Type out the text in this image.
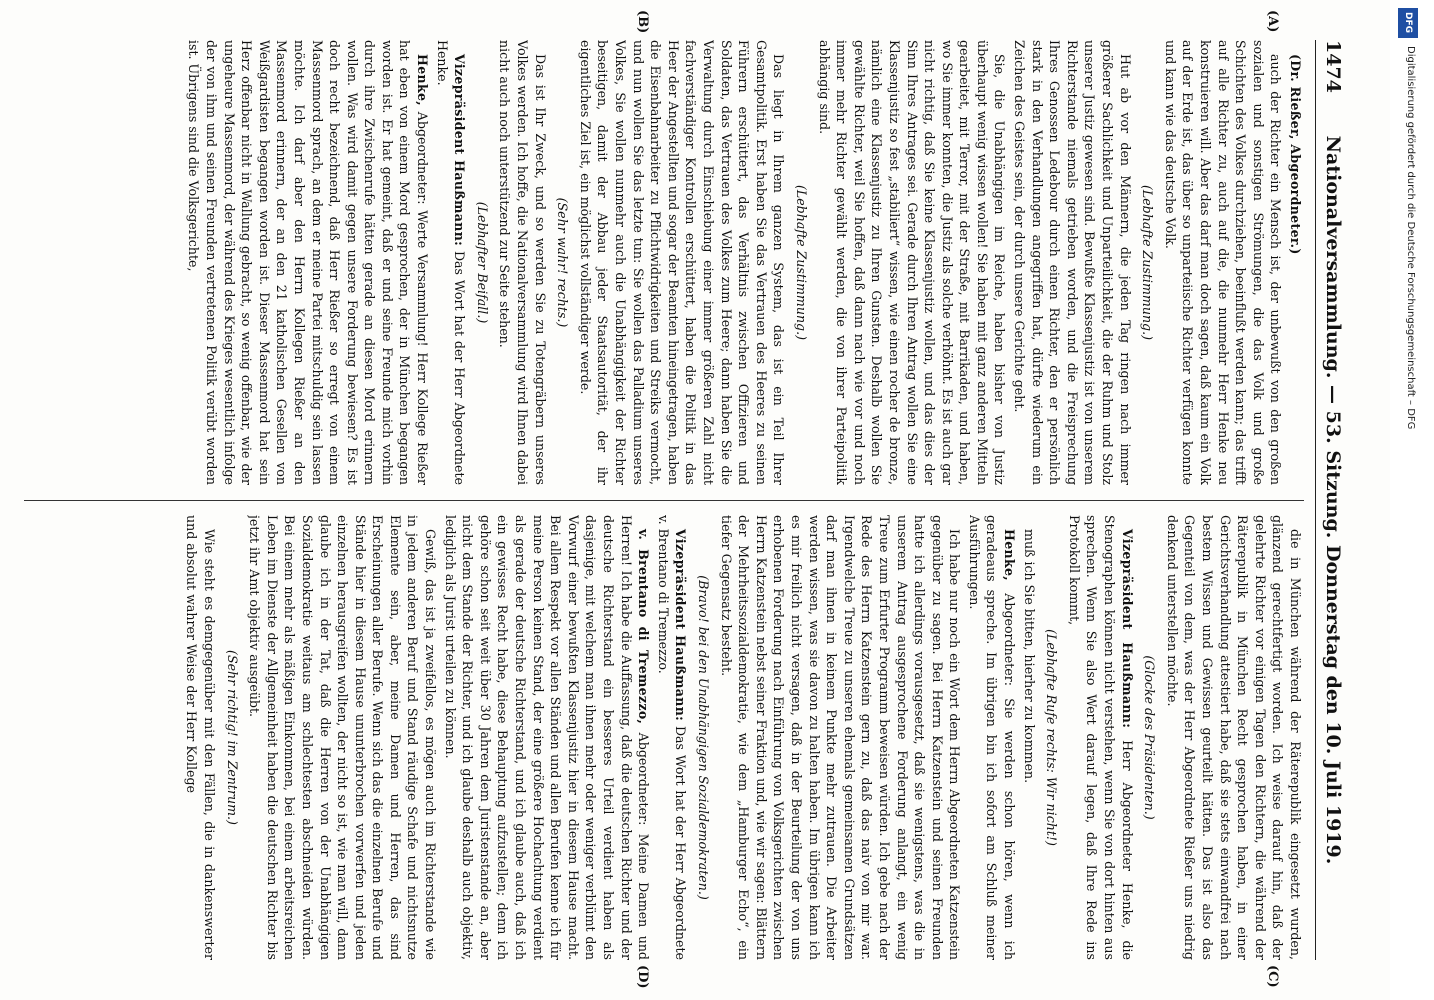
1474
Nationalversammlung. — 53. Sitzung. Donnerstag den 10. Juli 1919.
(A)
(B)
(C)
(D)

(Dr. Rießer, Abgeordneter.)

auch der Richter ein Mensch ist, der unbewußt von den großen sozialen und sonstigen Strömungen, die das Volk und große Schichten des Volkes durchziehen, beeinflußt werden kann; das trifft auf alle Richter zu, auch auf die, die nunmehr Herr Henke neu konstruieren will. Aber das darf man doch sagen, daß kaum ein Volk auf der Erde ist, das über so unparteiische Richter verfügen konnte und kann wie das deutsche Volk.

(Lebhafte Zustimmung.)

Hut ab vor den Männern, die jeden Tag ringen nach immer größerer Sachlichkeit und Unparteilichkeit, die der Ruhm und Stolz unserer Justiz gewesen sind. Bewußte Klassenjustiz ist von unserem Richterstande niemals getrieben worden, und die Freisprechung Ihres Genossen Ledebour durch einen Richter, den er persönlich stark in den Verhandlungen angegriffen hat, dürfte wiederum ein Zeichen des Geistes sein, der durch unsere Gerichte geht.

Sie, die Unabhängigen im Reiche, haben bisher von Justiz überhaupt wenig wissen wollen! Sie haben mit ganz anderen Mitteln gearbeitet, mit Terror, mit der Straße, mit Barrikaden, und haben, wo Sie immer konnten, die Justiz als solche verhöhnt. Es ist auch gar nicht richtig, daß Sie keine Klassenjustiz wollen, und das dies der Sinn Ihres Antrages sei. Gerade durch Ihren Antrag wollen Sie eine Klassenjustiz so fest „stabiliert“ wissen, wie einen rocher de bronze, nämlich eine Klassenjustiz zu Ihren Gunsten. Deshalb wollen Sie gewählte Richter, weil Sie hoffen, daß dann nach wie vor und noch immer mehr Richter gewählt werden, die von ihrer Parteipolitik abhängig sind.

(Lebhafte Zustimmung.)

Das liegt in Ihrem ganzen System, das ist ein Teil Ihrer Gesamtpolitik. Erst haben Sie das Vertrauen des Heeres zu seinen Führern erschüttert, das Verhältnis zwischen Offizieren und Soldaten, das Vertrauen des Volkes zum Heere; dann haben Sie die Verwaltung durch Einschiebung einer immer größeren Zahl nicht fachverständiger Kontrollen erschüttert, haben die Politik in das Heer der Angestellten und sogar der Beamten hineingetragen, haben die Eisenbahnarbeiter zu Pflichtwidrigkeiten und Streiks vermocht, und nun wollen Sie das letzte tun: Sie wollen das Palladium unseres Volkes, Sie wollen nunmehr auch die Unabhängigkeit der Richter beseitigen, damit der Abbau jeder Staatsautorität, der ihr eigentliches Ziel ist, ein möglichst vollständiger werde.

(Sehr wahr! rechts.)

Das ist Ihr Zweck, und so werden Sie zu Totengräbern unseres Volkes werden. Ich hoffe, die Nationalversammlung wird Ihnen dabei nicht auch noch unterstützend zur Seite stehen.

(Lebhafter Beifall.)

Vizepräsident Haußmann: Das Wort hat der Herr Abgeordnete Henke.

Henke, Abgeordneter: Werte Versammlung! Herr Kollege Rießer hat eben von einem Mord gesprochen, der in München begangen worden ist. Er hat gemeint, daß er und seine Freunde mich vorhin durch ihre Zwischenrufe hätten gerade an diesen Mord erinnern wollen. Was wird damit gegen unsere Forderung bewiesen? Es ist doch recht bezeichnend, daß Herr Rießer so erregt von einem Massenmord sprach, an dem er meine Partei mitschuldig sein lassen möchte. Ich darf aber den Herrn Kollegen Rießer an den Massenmord erinnern, der an den 21 katholischen Gesellen von Weißgardisten begangen worden ist. Dieser Massenmord hat sein Herz offenbar nicht in Wallung gebracht, so wenig offenbar, wie der ungeheure Massenmord, der während des Krieges wesentlich infolge der von ihm und seinen Freunden vertretenen Politik verübt worden ist. Übrigens sind die Volksgerichte,

die in München während der Räterepublik eingesetzt wurden, glänzend gerechtfertigt worden. Ich weise darauf hin, daß der gelehrte Richter vor einigen Tagen den Richtern, die während der Räterepublik in München Recht gesprochen haben, in einer Gerichtsverhandlung attestiert habe, daß sie stets einwandfrei nach bestem Wissen und Gewissen geurteilt hätten. Das ist also das Gegenteil von dem, was der Herr Abgeordnete Rießer uns niedrig denkend unterstellen möchte.

(Glocke des Präsidenten.)

Vizepräsident Haußmann: Herr Abgeordneter Henke, die Stenographen können nicht verstehen, wenn Sie von dort hinten aus sprechen. Wenn Sie also Wert darauf legen, daß Ihre Rede ins Protokoll kommt,

(Lebhafte Rufe rechts: Wir nicht!)

muß ich Sie bitten, hierher zu kommen.

Henke, Abgeordneter: Sie werden schon hören, wenn ich geradeaus spreche. Im übrigen bin ich sofort am Schluß meiner Ausführungen.

Ich habe nur noch ein Wort dem Herrn Abgeordneten Katzenstein gegenüber zu sagen. Bei Herrn Katzenstein und seinen Freunden hatte ich allerdings vorausgesetzt, daß sie wenigstens, was die in unserem Antrag ausgesprochene Forderung anlangt, ein wenig Treue zum Erfurter Programm beweisen würden. Ich gebe nach der Rede des Herrn Katzenstein gern zu, daß das naiv von mir war. Irgendwelche Treue zu unseren ehemals gemeinsamen Grundsätzen darf man ihnen in keinem Punkte mehr zutrauen. Die Arbeiter werden wissen, was sie davon zu halten haben. Im übrigen kann ich es mir freilich nicht versagen, daß in der Beurteilung der von uns erhobenen Forderung nach Einführung von Volksgerichten zwischen Herrn Katzenstein nebst seiner Fraktion und, wie wir sagen: Blättern der Mehrheitssozialdemokratie, wie dem „Hamburger Echo“, ein tiefer Gegensatz besteht.

(Bravo! bei den Unabhängigen Sozialdemokraten.)

Vizepräsident Haußmann: Das Wort hat der Herr Abgeordnete v. Brentano di Tremezzo.

v. Brentano di Tremezzo, Abgeordneter: Meine Damen und Herren! Ich habe die Auffassung, daß die deutschen Richter und der deutsche Richterstand ein besseres Urteil verdient haben als dasjenige, mit welchem man ihnen mehr oder weniger verblümt den Vorwurf einer bewußten Klassenjustiz hier in diesem Hause macht. Bei allem Respekt vor allen Ständen und allen Berufen kenne ich für meine Person keinen Stand, der eine größere Hochachtung verdient als gerade der deutsche Richterstand, und ich glaube auch, daß ich ein gewisses Recht habe, diese Behauptung aufzustellen; denn ich gehöre schon seit weit über 30 Jahren dem Juristenstande an, aber nicht dem Stande der Richter, und ich glaube deshalb auch objektiv, lediglich als Jurist urteilen zu können.

Gewiß, das ist ja zweifellos, es mögen auch im Richterstande wie in jedem anderen Beruf und Stand räudige Schafe und nichtsnutze Elemente sein, aber, meine Damen und Herren, das sind Erscheinungen aller Berufe. Wenn sich das die einzelnen Berufe und Stände hier in diesem Hause ununterbrochen vorwerfen und jeden einzelnen herausgreifen wollten, der nicht so ist, wie man will, dann glaube ich in der Tat, daß die Herren von der Unabhängigen Sozialdemokratie weitaus am schlechtesten abschneiden würden. Bei einem mehr als mäßigen Einkommen, bei einem arbeitsreichen Leben im Dienste der Allgemeinheit haben die deutschen Richter bis jetzt ihr Amt objektiv ausgeübt.

(Sehr richtig! im Zentrum.)

Wie steht es demgegenüber mit den Fällen, die in dankenswerter und absolut wahrer Weise der Herr Kollege

DFG
Digitalisierung gefördert durch die Deutsche Forschungsgemeinschaft – DFG
